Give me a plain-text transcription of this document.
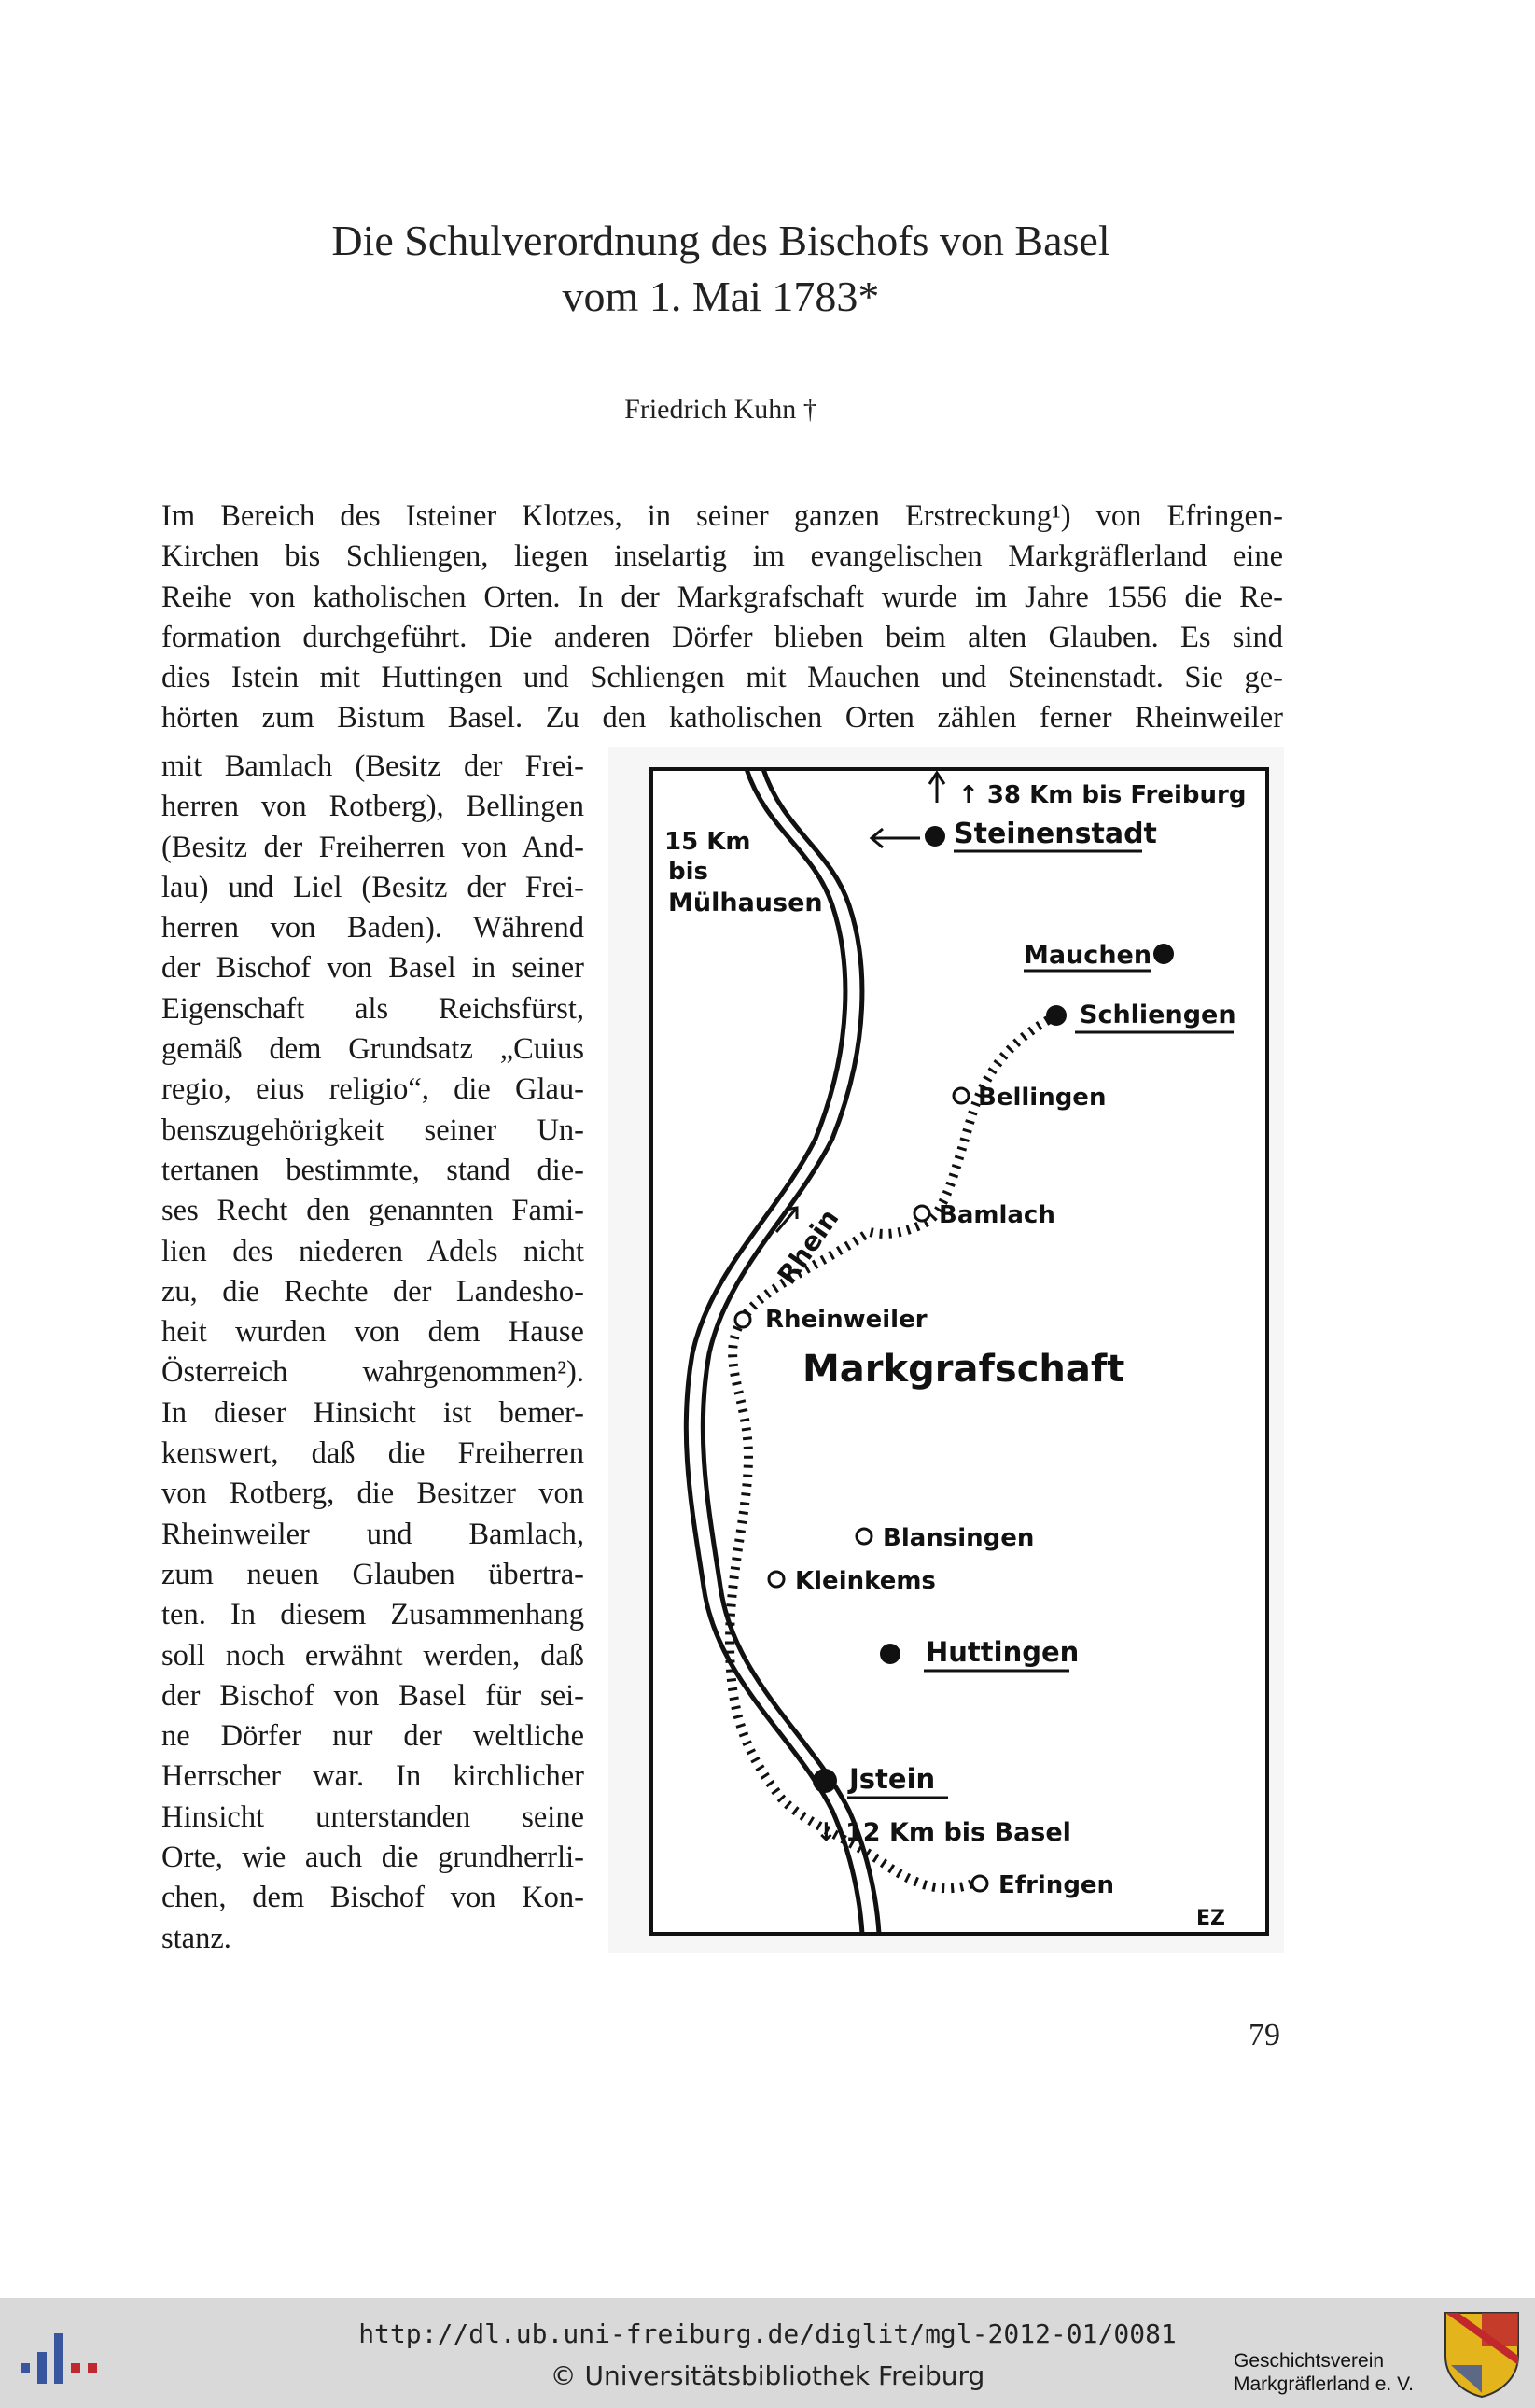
Die Schulverordnung des Bischofs von Basel
vom 1. Mai 1783*
Friedrich Kuhn †
Im Bereich des Isteiner Klotzes, in seiner ganzen Erstreckung¹) von Efringen-
Kirchen bis Schliengen, liegen inselartig im evangelischen Markgräflerland eine
Reihe von katholischen Orten. In der Markgrafschaft wurde im Jahre 1556 die Re-
formation durchgeführt. Die anderen Dörfer blieben beim alten Glauben. Es sind
dies Istein mit Huttingen und Schliengen mit Mauchen und Steinenstadt. Sie ge-
hörten zum Bistum Basel. Zu den katholischen Orten zählen ferner Rheinweiler
mit Bamlach (Besitz der Frei-
herren von Rotberg), Bellingen
(Besitz der Freiherren von And-
lau) und Liel (Besitz der Frei-
herren von Baden). Während
der Bischof von Basel in seiner
Eigenschaft als Reichsfürst,
gemäß dem Grundsatz „Cuius
regio, eius religio“, die Glau-
benszugehörigkeit seiner Un-
tertanen bestimmte, stand die-
ses Recht den genannten Fami-
lien des niederen Adels nicht
zu, die Rechte der Landesho-
heit wurden von dem Hause
Österreich wahrgenommen²).
In dieser Hinsicht ist bemer-
kenswert, daß die Freiherren
von Rotberg, die Besitzer von
Rheinweiler und Bamlach,
zum neuen Glauben übertra-
ten. In diesem Zusammenhang
soll noch erwähnt werden, daß
der Bischof von Basel für sei-
ne Dörfer nur der weltliche
Herrscher war. In kirchlicher
Hinsicht unterstanden seine
Orte, wie auch die grundherrli-
chen, dem Bischof von Kon-
stanz.
↑ 38 Km bis Freiburg
15 Km
bis
Mülhausen
Steinenstadt
Mauchen
Schliengen
Bellingen
Bamlach
Rhein
Rheinweiler
Markgrafschaft
Blansingen
Kleinkems
Huttingen
Jstein
↓ 12 Km bis Basel
Efringen
EZ
79
http://dl.ub.uni-freiburg.de/diglit/mgl-2012-01/0081
© Universitätsbibliothek Freiburg	Geschichtsverein
Markgräflerland e. V.
